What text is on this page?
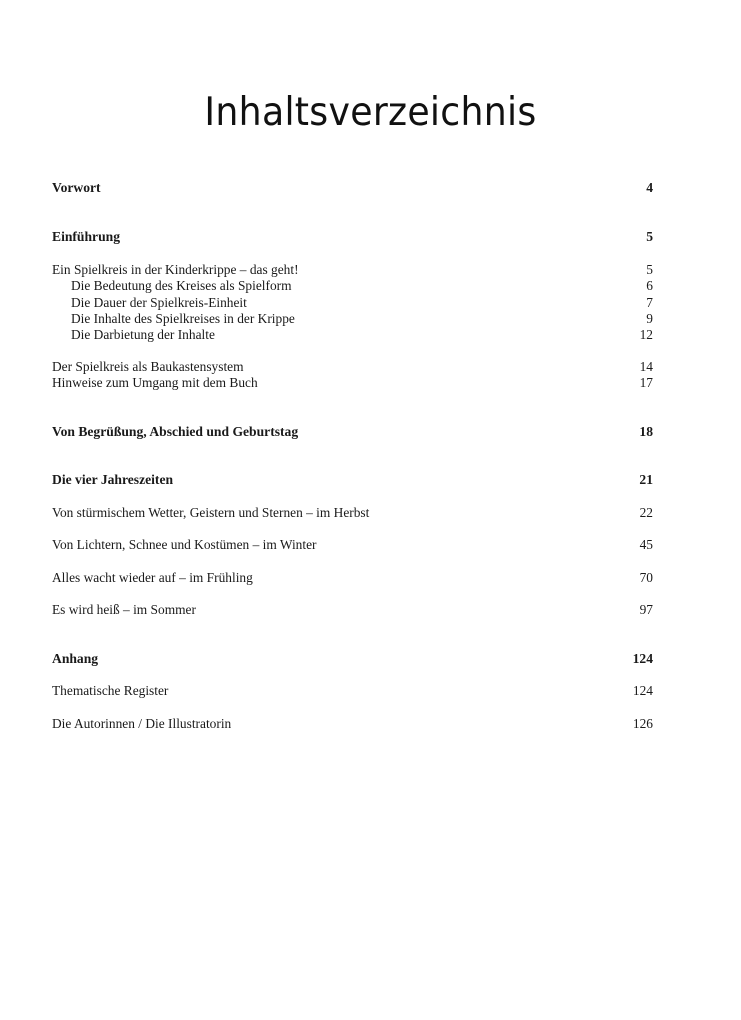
Inhaltsverzeichnis
Vorwort	4
Einführung	5
Ein Spielkreis in der Kinderkrippe – das geht!	5
Die Bedeutung des Kreises als Spielform	6
Die Dauer der Spielkreis-Einheit	7
Die Inhalte des Spielkreises in der Krippe	9
Die Darbietung der Inhalte	12
Der Spielkreis als Baukastensystem	14
Hinweise zum Umgang mit dem Buch	17
Von Begrüßung, Abschied und Geburtstag	18
Die vier Jahreszeiten	21
Von stürmischem Wetter, Geistern und Sternen – im Herbst	22
Von Lichtern, Schnee und Kostümen – im Winter	45
Alles wacht wieder auf – im Frühling	70
Es wird heiß – im Sommer	97
Anhang	124
Thematische Register	124
Die Autorinnen / Die Illustratorin	126
